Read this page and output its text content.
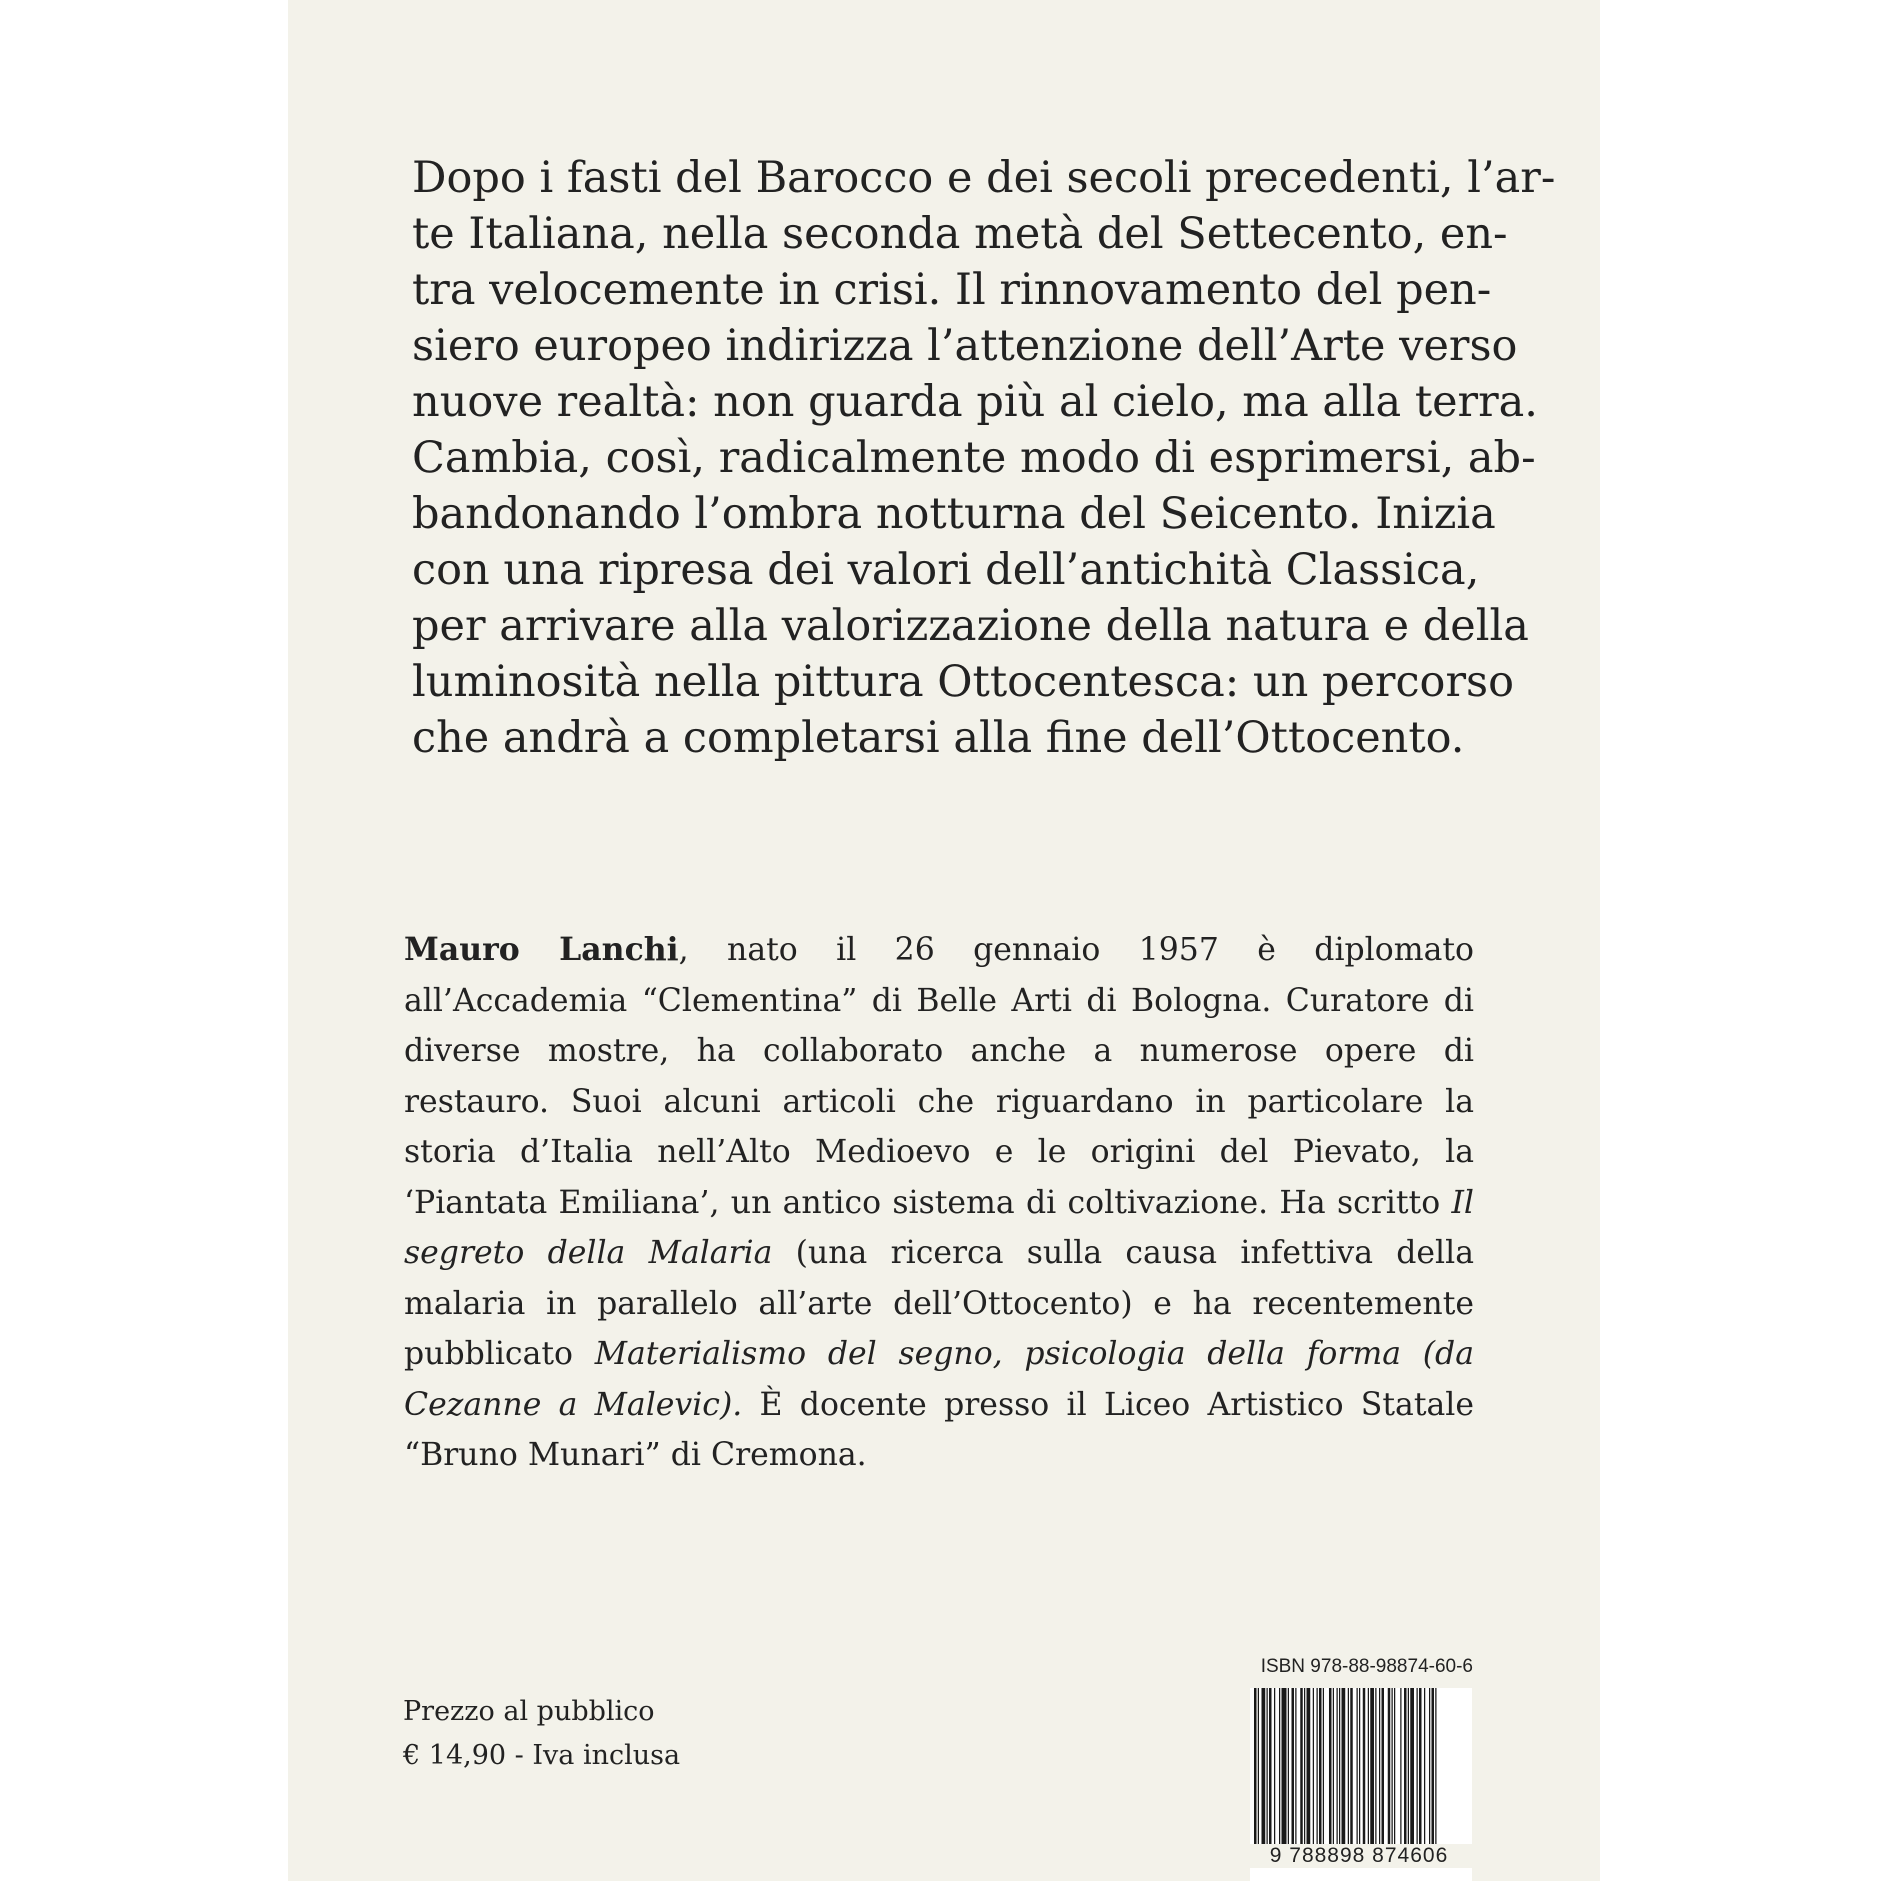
Dopo i fasti del Barocco e dei secoli precedenti, l’ar-
te Italiana, nella seconda metà del Settecento, en-
tra velocemente in crisi. Il rinnovamento del pen-
siero europeo indirizza l’attenzione dell’Arte verso
nuove realtà: non guarda più al cielo, ma alla terra.
Cambia, così, radicalmente modo di esprimersi, ab-
bandonando l’ombra notturna del Seicento. Inizia
con una ripresa dei valori dell’antichità Classica,
per arrivare alla valorizzazione della natura e della
luminosità nella pittura Ottocentesca: un percorso
che andrà a completarsi alla fine dell’Ottocento.

Mauro Lanchi, nato il 26 gennaio 1957 è diplomato all’Accademia “Clementina” di Belle Arti di Bologna. Curatore di diverse mostre, ha collaborato anche a numerose opere di restauro. Suoi alcuni articoli che riguardano in particolare la storia d’Italia nell’Alto Medioevo e le origini del Pievato, la ‘Piantata Emiliana’, un antico sistema di coltivazione. Ha scritto Il segreto della Malaria (una ricerca sulla causa infettiva della malaria in parallelo all’arte dell’Ottocento) e ha recentemente pubblicato Materialismo del segno, psicologia della forma (da Cezanne a Malevic). È docente presso il Liceo Artistico Statale “Bruno Munari” di Cremona.

Prezzo al pubblico
€ 14,90 - Iva inclusa
ISBN 978-88-98874-60-6
9 788898 874606
